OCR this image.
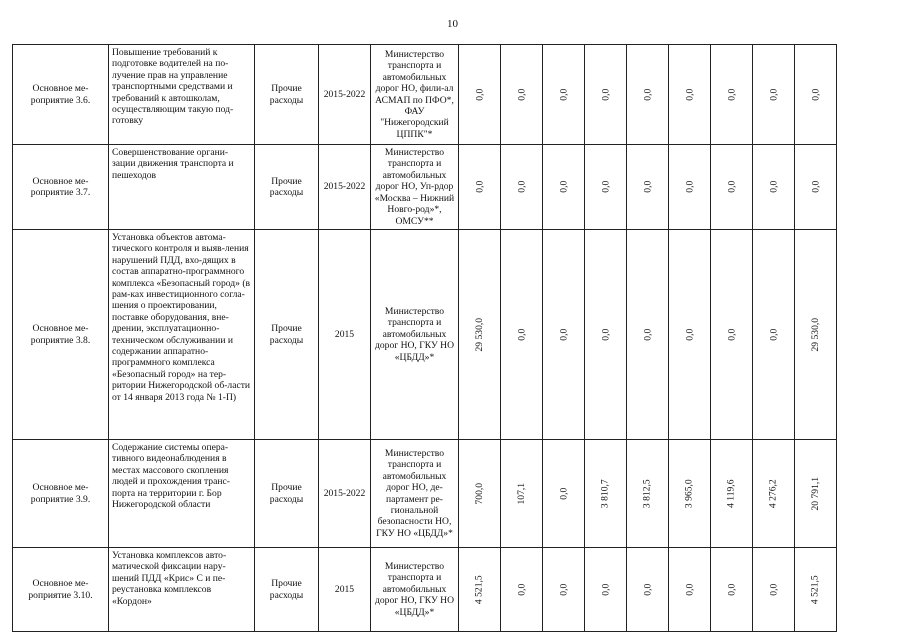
10
Основное ме-
роприятие 3.6.	Повышение требований к подготовке водителей на по-лучение прав на управление транспортными средствами и требований к автошколам, осуществляющим такую под-готовку	Прочие расходы	2015-2022	Министерство транспорта и автомобильных дорог НО, фили-ал АСМАП по ПФО*, ФАУ "Нижегородский ЦППК"*	0,0	0,0	0,0	0,0	0,0	0,0	0,0	0,0	0,0
Основное ме-
роприятие 3.7.	Совершенствование органи-зации движения транспорта и пешеходов	Прочие расходы	2015-2022	Министерство транспорта и автомобильных дорог НО, Уп-рдор «Москва – Нижний Новго-род»*, ОМСУ**	0,0	0,0	0,0	0,0	0,0	0,0	0,0	0,0	0,0
Основное ме-
роприятие 3.8.	Установка объектов автома-тического контроля и выяв-ления нарушений ПДД, вхо-дящих в состав аппаратно-программного комплекса «Безопасный город» (в рам-ках инвестиционного согла-шения о проектировании, поставке оборудования, вне-дрении, эксплуатационно-техническом обслуживании и содержании аппаратно-программного комплекса «Безопасный город» на тер-ритории Нижегородской об-ласти от 14 января 2013 года № 1-П)	Прочие расходы	2015	Министерство транспорта и автомобильных дорог НО, ГКУ НО «ЦБДД»*	29 530,0	0,0	0,0	0,0	0,0	0,0	0,0	0,0	29 530,0
Основное ме-
роприятие 3.9.	Содержание системы опера-тивного видеонаблюдения в местах массового скопления людей и прохождения транс-порта на территории г. Бор Нижегородской области	Прочие расходы	2015-2022	Министерство транспорта и автомобильных дорог НО, де-партамент ре-гиональной безопасности НО, ГКУ НО «ЦБДД»*	700,0	107,1	0,0	3 810,7	3 812,5	3 965,0	4 119,6	4 276,2	20 791,1
Основное ме-
роприятие 3.10.	Установка комплексов авто-матической фиксации нару-шений ПДД «Крис» С и пе-реустановка комплексов «Кордон»	Прочие расходы	2015	Министерство транспорта и автомобильных дорог НО, ГКУ НО «ЦБДД»*	4 521,5	0,0	0,0	0,0	0,0	0,0	0,0	0,0	4 521,5
